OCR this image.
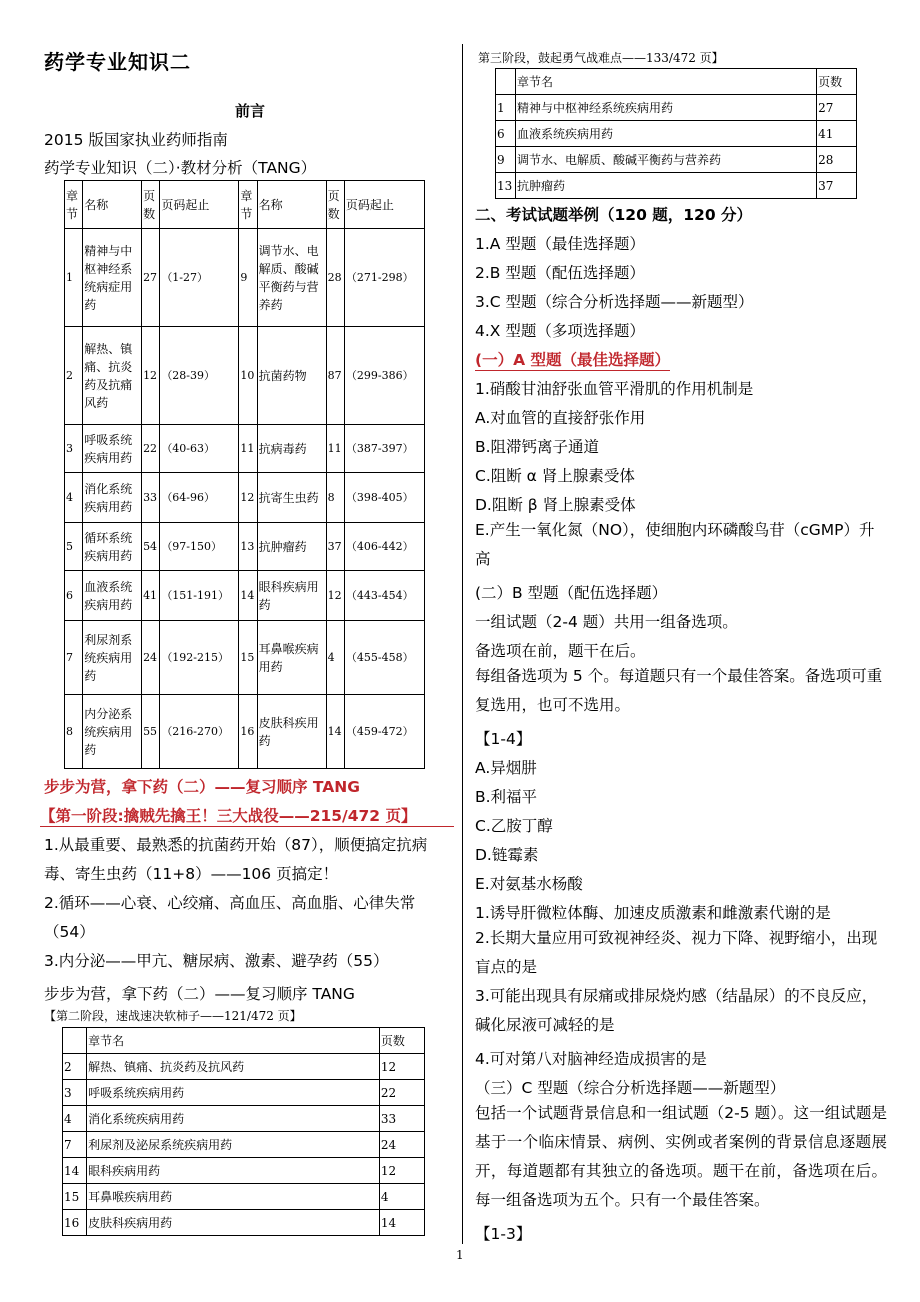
药学专业知识二
前言
2015 版国家执业药师指南
药学专业知识（二）·教材分析（TANG）
章节	名称	页数	页码起止	章节	名称	页数	页码起止
1	精神与中枢神经系统病症用药	27	（1-27）	9	调节水、电解质、酸碱平衡药与营养药	28	（271-298）
2	解热、镇痛、抗炎药及抗痛风药	12	（28-39）	10	抗菌药物	87	（299-386）
3	呼吸系统疾病用药	22	（40-63）	11	抗病毒药	11	（387-397）
4	消化系统疾病用药	33	（64-96）	12	抗寄生虫药	8	（398-405）
5	循环系统疾病用药	54	（97-150）	13	抗肿瘤药	37	（406-442）
6	血液系统疾病用药	41	（151-191）	14	眼科疾病用药	12	（443-454）
7	利尿剂系统疾病用药	24	（192-215）	15	耳鼻喉疾病用药	4	（455-458）
8	内分泌系统疾病用药	55	（216-270）	16	皮肤科疾用药	14	（459-472）
步步为营，拿下药（二）——复习顺序 TANG
【第一阶段:擒贼先擒王！三大战役——215/472 页】
1.从最重要、最熟悉的抗菌药开始（87），顺便搞定抗病毒、寄生虫药（11+8）——106 页搞定！
2.循环——心衰、心绞痛、高血压、高血脂、心律失常（54）
3.内分泌——甲亢、糖尿病、激素、避孕药（55）
步步为营，拿下药（二）——复习顺序 TANG
【第二阶段，速战速决软柿子——121/472 页】
	章节名	页数
2	解热、镇痛、抗炎药及抗风药	12
3	呼吸系统疾病用药	22
4	消化系统疾病用药	33
7	利尿剂及泌尿系统疾病用药	24
14	眼科疾病用药	12
15	耳鼻喉疾病用药	4
16	皮肤科疾病用药	14
第三阶段，鼓起勇气战难点——133/472 页】
	章节名	页数
1	精神与中枢神经系统疾病用药	27
6	血液系统疾病用药	41
9	调节水、电解质、酸碱平衡药与营养药	28
13	抗肿瘤药	37
二、考试试题举例（120 题，120 分）
1.A 型题（最佳选择题）
2.B 型题（配伍选择题）
3.C 型题（综合分析选择题——新题型）
4.X 型题（多项选择题）
(一）A 型题（最佳选择题）
1.硝酸甘油舒张血管平滑肌的作用机制是
A.对血管的直接舒张作用
B.阻滞钙离子通道
C.阻断 α 肾上腺素受体
D.阻断 β 肾上腺素受体
E.产生一氧化氮（NO），使细胞内环磷酸鸟苷（cGMP）升高
(二）B 型题（配伍选择题）
一组试题（2-4 题）共用一组备选项。
备选项在前，题干在后。
每组备选项为 5 个。每道题只有一个最佳答案。备选项可重复选用，也可不选用。
【1-4】
A.异烟肼
B.利福平
C.乙胺丁醇
D.链霉素
E.对氨基水杨酸
1.诱导肝微粒体酶、加速皮质激素和雌激素代谢的是
2.长期大量应用可致视神经炎、视力下降、视野缩小，出现盲点的是
3.可能出现具有尿痛或排尿烧灼感（结晶尿）的不良反应，碱化尿液可减轻的是
4.可对第八对脑神经造成损害的是
（三）C 型题（综合分析选择题——新题型）
包括一个试题背景信息和一组试题（2-5 题）。这一组试题是基于一个临床情景、病例、实例或者案例的背景信息逐题展开，每道题都有其独立的备选项。题干在前，备选项在后。每一组备选项为五个。只有一个最佳答案。
【1-3】
1
